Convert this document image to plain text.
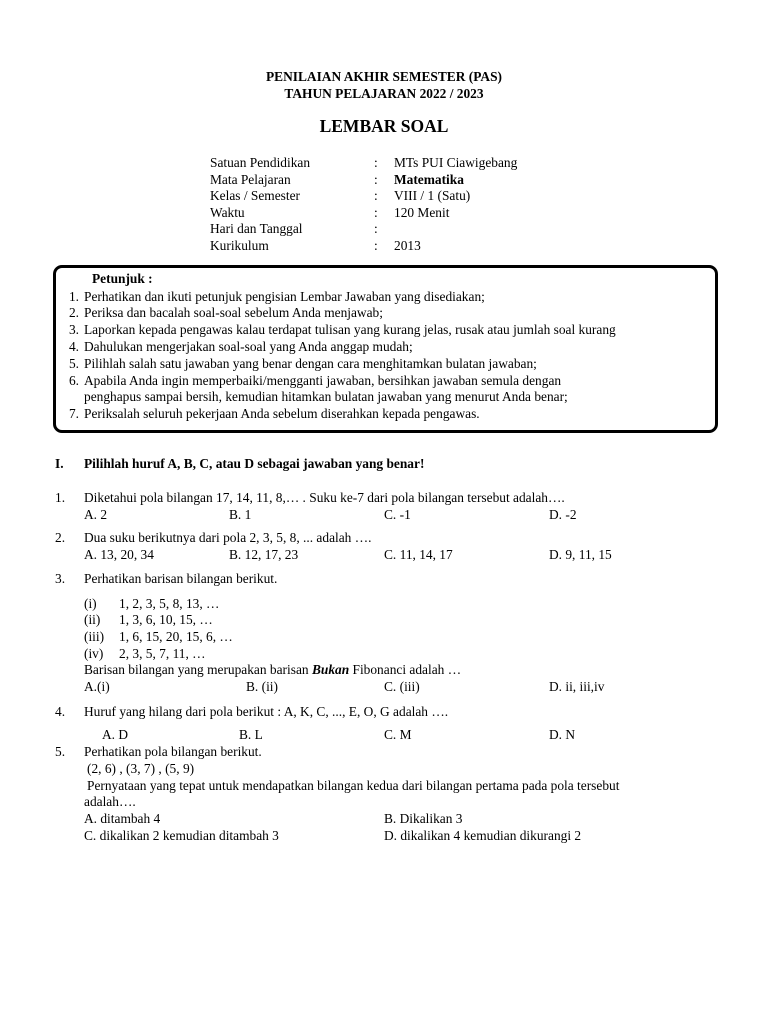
PENILAIAN AKHIR SEMESTER (PAS)
TAHUN PELAJARAN 2022 / 2023
LEMBAR SOAL
Satuan Pendidikan	: MTs PUI Ciawigebang
Mata Pelajaran	: Matematika
Kelas / Semester	: VIII / 1 (Satu)
Waktu	: 120 Menit
Hari dan Tanggal	:
Kurikulum	: 2013
Petunjuk :
1. Perhatikan dan ikuti petunjuk pengisian Lembar Jawaban yang disediakan;
2. Periksa dan bacalah soal-soal sebelum Anda menjawab;
3. Laporkan kepada pengawas kalau terdapat tulisan yang kurang jelas, rusak atau jumlah soal kurang
4. Dahulukan mengerjakan soal-soal yang Anda anggap mudah;
5. Pilihlah salah satu jawaban yang benar dengan cara menghitamkan bulatan jawaban;
6. Apabila Anda ingin memperbaiki/mengganti jawaban, bersihkan jawaban semula dengan
penghapus sampai bersih, kemudian hitamkan bulatan jawaban yang menurut Anda benar;
7. Periksalah seluruh pekerjaan Anda sebelum diserahkan kepada pengawas.
I. Pilihlah huruf A, B, C, atau D sebagai jawaban yang benar!
1. Diketahui pola bilangan 17, 14, 11, 8,… . Suku ke-7 dari pola bilangan tersebut adalah….
A. 2	B. 1	C. -1	D. -2
2. Dua suku berikutnya dari pola 2, 3, 5, 8, ... adalah ….
A. 13, 20, 34	B. 12, 17, 23	C. 11, 14, 17	D. 9, 11, 15
3. Perhatikan barisan bilangan berikut.
(i) 1, 2, 3, 5, 8, 13, …
(ii) 1, 3, 6, 10, 15, …
(iii) 1, 6, 15, 20, 15, 6, …
(iv) 2, 3, 5, 7, 11, …
Barisan bilangan yang merupakan barisan Bukan Fibonanci adalah …
A.(i)	B. (ii)	C. (iii)	D. ii, iii,iv
4. Huruf yang hilang dari pola berikut : A, K, C, ..., E, O, G adalah ….
A. D	B. L	C. M	D. N
5. Perhatikan pola bilangan berikut.
(2, 6) , (3, 7) , (5, 9)
Pernyataan yang tepat untuk mendapatkan bilangan kedua dari bilangan pertama pada pola tersebut
adalah….
A. ditambah 4	B. Dikalikan 3
C. dikalikan 2 kemudian ditambah 3	D. dikalikan 4 kemudian dikurangi 2
